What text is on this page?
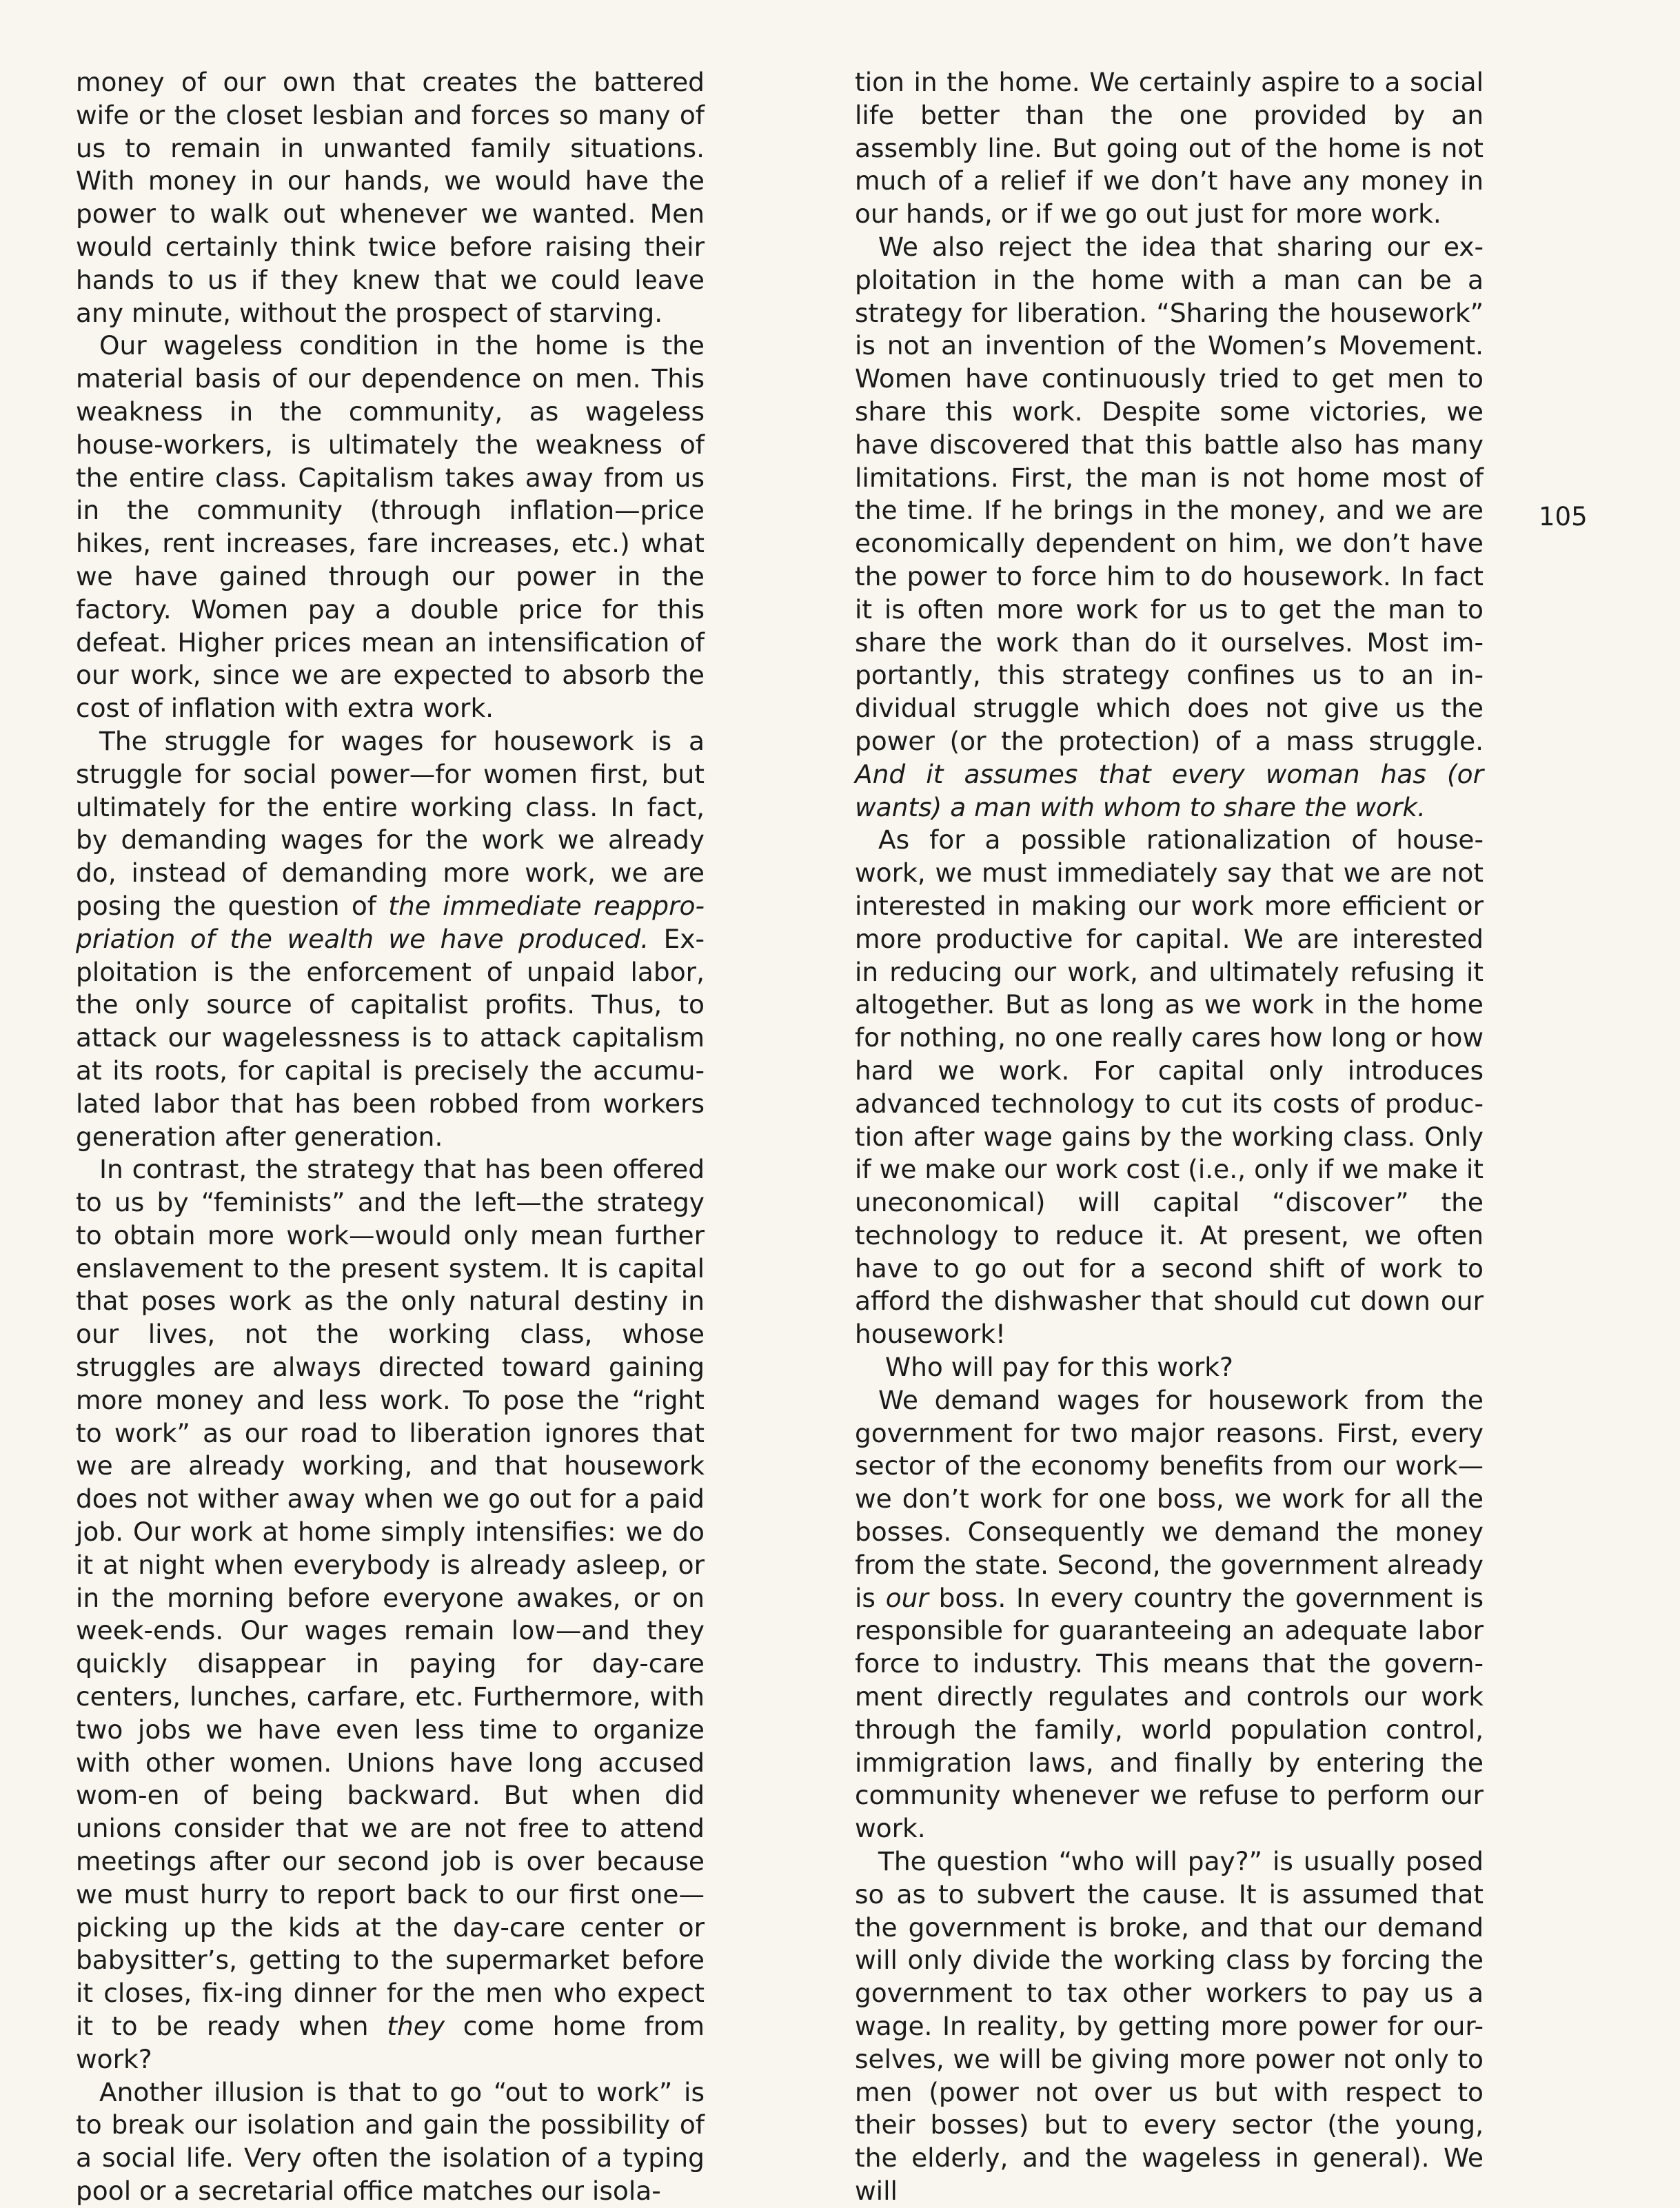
money of our own that creates the battered wife or the closet lesbian and forces so many of us to remain in unwanted family situations. With money in our hands, we would have the power to walk out whenever we wanted. Men would certainly think twice before raising their hands to us if they knew that we could leave any minute, without the prospect of starving.

Our wageless condition in the home is the material basis of our dependence on men. This weakness in the community, as wageless house-workers, is ultimately the weakness of the entire class. Capitalism takes away from us in the community (through inflation—price hikes, rent increases, fare increases, etc.) what we have gained through our power in the factory. Women pay a double price for this defeat. Higher prices mean an intensification of our work, since we are expected to absorb the cost of inflation with extra work.

The struggle for wages for housework is a struggle for social power—for women first, but ultimately for the entire working class. In fact, by demanding wages for the work we already do, instead of demanding more work, we are posing the question of the immediate reappro-priation of the wealth we have produced. Ex-ploitation is the enforcement of unpaid labor, the only source of capitalist profits. Thus, to attack our wagelessness is to attack capitalism at its roots, for capital is precisely the accumu-lated labor that has been robbed from workers generation after generation.

In contrast, the strategy that has been offered to us by “feminists” and the left—the strategy to obtain more work—would only mean further enslavement to the present system. It is capital that poses work as the only natural destiny in our lives, not the working class, whose struggles are always directed toward gaining more money and less work. To pose the “right to work” as our road to liberation ignores that we are already working, and that housework does not wither away when we go out for a paid job. Our work at home simply intensifies: we do it at night when everybody is already asleep, or in the morning before everyone awakes, or on week-ends. Our wages remain low—and they quickly disappear in paying for day-care centers, lunches, carfare, etc. Furthermore, with two jobs we have even less time to organize with other women. Unions have long accused wom-en of being backward. But when did unions consider that we are not free to attend meetings after our second job is over because we must hurry to report back to our first one—picking up the kids at the day-care center or babysitter’s, getting to the supermarket before it closes, fix-ing dinner for the men who expect it to be ready when they come home from work?

Another illusion is that to go “out to work” is to break our isolation and gain the possibility of a social life. Very often the isolation of a typing pool or a secretarial office matches our isola-

tion in the home. We certainly aspire to a social life better than the one provided by an assembly line. But going out of the home is not much of a relief if we don’t have any money in our hands, or if we go out just for more work.

We also reject the idea that sharing our ex-ploitation in the home with a man can be a strategy for liberation. “Sharing the housework” is not an invention of the Women’s Movement. Women have continuously tried to get men to share this work. Despite some victories, we have discovered that this battle also has many limitations. First, the man is not home most of the time. If he brings in the money, and we are economically dependent on him, we don’t have the power to force him to do housework. In fact it is often more work for us to get the man to share the work than do it ourselves. Most im-portantly, this strategy confines us to an in-dividual struggle which does not give us the power (or the protection) of a mass struggle. And it assumes that every woman has (or wants) a man with whom to share the work.

As for a possible rationalization of house-work, we must immediately say that we are not interested in making our work more efficient or more productive for capital. We are interested in reducing our work, and ultimately refusing it altogether. But as long as we work in the home for nothing, no one really cares how long or how hard we work. For capital only introduces advanced technology to cut its costs of produc-tion after wage gains by the working class. Only if we make our work cost (i.e., only if we make it uneconomical) will capital “discover” the technology to reduce it. At present, we often have to go out for a second shift of work to afford the dishwasher that should cut down our housework!

Who will pay for this work?

We demand wages for housework from the government for two major reasons. First, every sector of the economy benefits from our work—we don’t work for one boss, we work for all the bosses. Consequently we demand the money from the state. Second, the government already is our boss. In every country the government is responsible for guaranteeing an adequate labor force to industry. This means that the govern-ment directly regulates and controls our work through the family, world population control, immigration laws, and finally by entering the community whenever we refuse to perform our work.

The question “who will pay?” is usually posed so as to subvert the cause. It is assumed that the government is broke, and that our demand will only divide the working class by forcing the government to tax other workers to pay us a wage. In reality, by getting more power for our-selves, we will be giving more power not only to men (power not over us but with respect to their bosses) but to every sector (the young, the elderly, and the wageless in general). We will

105
